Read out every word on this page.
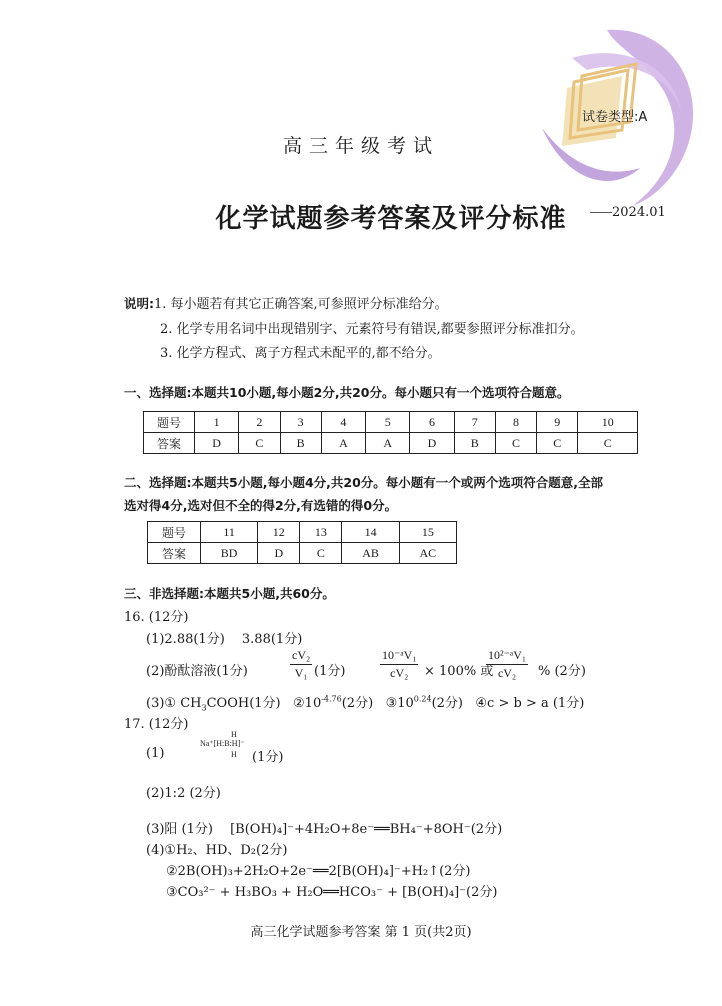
试卷类型:A
高三年级考试
化学试题参考答案及评分标准	2024.01
说明:1. 每小题若有其它正确答案,可参照评分标准给分。
2. 化学专用名词中出现错别字、元素符号有错误,都要参照评分标准扣分。
3. 化学方程式、离子方程式未配平的,都不给分。
一、选择题:本题共10小题,每小题2分,共20分。每小题只有一个选项符合题意。
题号	1	2	3	4	5	6	7	8	9	10
答案	D	C	B	A	A	D	B	C	C	C
二、选择题:本题共5小题,每小题4分,共20分。每小题有一个或两个选项符合题意,全部
选对得4分,选对但不全的得2分,有选错的得0分。
题号	11	12	13	14	15
答案	BD	D	C	AB	AC
三、非选择题:本题共5小题,共60分。
16. (12分)
(1)2.88(1分)　 3.88(1分)
(2)酚酞溶液(1分)	$\frac{\text{cV₂}}{\text{V₁}} (1$分)	$\frac{\text{10⁻ᵃV₁}}{\text{cV₂}} \times 100\%$ 或
$\frac{\text{10²⁻ᵃV₁}}{\text{cV₂}}$ % (2分)
(3)① $CH_3COOH(1$分) $②10^{-4.76}(2$分) $③10^{0.24}(2$分) ④c > b > a (1分)
17. (12分)
(1)
Na⁺[H:B:H]⁻
H
H (1分)
(2)1:2 (2分)
(3)阳 (1分)　 [B(OH)₄]⁻+4H₂O+8e⁻══BH₄⁻+8OH⁻(2分)
(4)①H₂、HD、D₂(2分)
②2B(OH)₃+2H₂O+2e⁻══2[B(OH)₄]⁻+H₂↑(2分)
③CO₃²⁻ + H₃BO₃ + H₂O══HCO₃⁻ + [B(OH)₄]⁻(2分)
高三化学试题参考答案 第 1 页(共2页)
